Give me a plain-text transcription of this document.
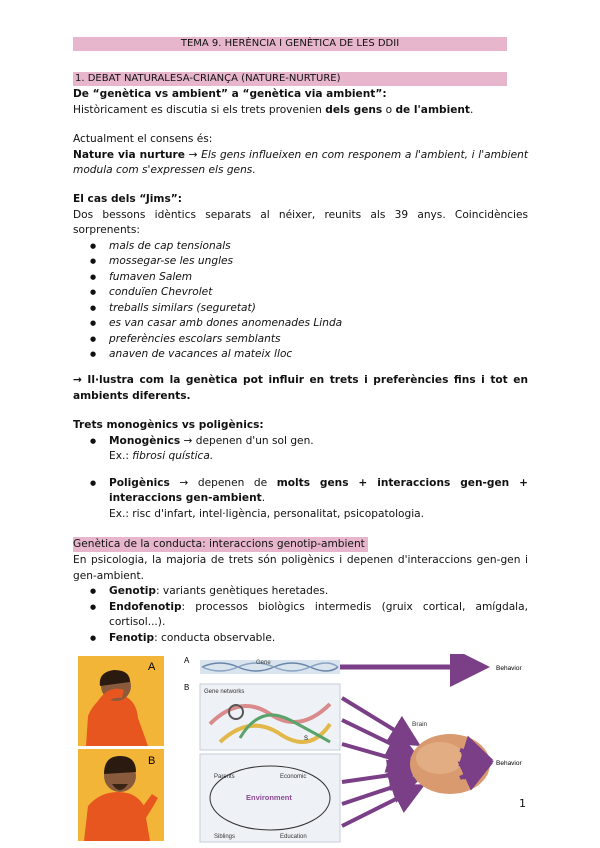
TEMA 9. HERÈNCIA I GENÈTICA DE LES DDII
1. DEBAT NATURALESA-CRIANÇA (NATURE-NURTURE)
De “genètica vs ambient” a “genètica via ambient”:
Històricament es discutia si els trets provenien dels gens o de l'ambient.
Actualment el consens és:
Nature via nurture → Els gens influeixen en com responem a l'ambient, i l'ambient modula com s'expressen els gens.
El cas dels “Jims”:
Dos bessons idèntics separats al néixer, reunits als 39 anys. Coincidències sorprenents:
● mals de cap tensionals
● mossegar-se les ungles
● fumaven Salem
● conduïen Chevrolet
● treballs similars (seguretat)
● es van casar amb dones anomenades Linda
● preferències escolars semblants
● anaven de vacances al mateix lloc
→ Il·lustra com la genètica pot influir en trets i preferències fins i tot en ambients diferents.
Trets monogènics vs poligènics:
● Monogènics → depenen d'un sol gen.
Ex.: fibrosi quística.
● Poligènics → depenen de molts gens + interaccions gen-gen + interaccions gen-ambient.
Ex.: risc d'infart, intel·ligència, personalitat, psicopatologia.
Genètica de la conducta: interaccions genotip-ambient
En psicologia, la majoria de trets són poligènics i depenen d'interaccions gen-gen i gen-ambient.
● Genotip: variants genètiques heretades.
● Endofenotip: processos biològics intermedis (gruix cortical, amígdala, cortisol...).
● Fenotip: conducta observable.
A
B
A	Gene
Behavior
B Gene networks
S
Parents	Economic
Environment
Siblings	Education
Brain
Behavior
1
